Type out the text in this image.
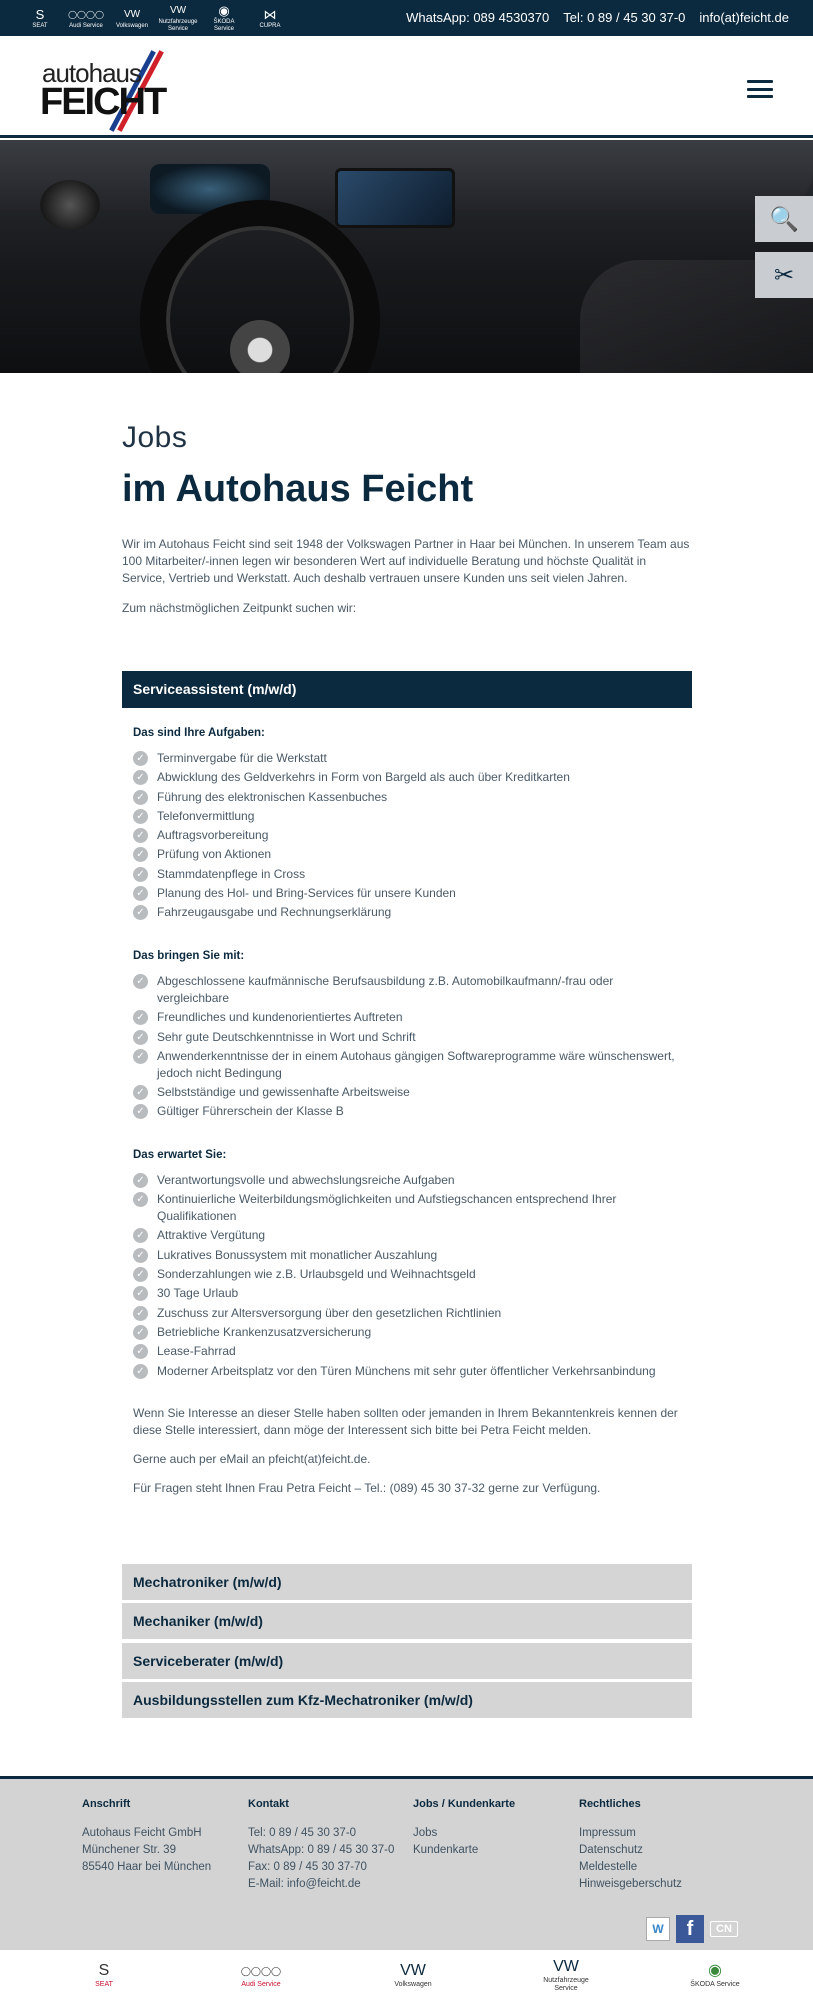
S
SEAT
◯◯◯◯
Audi Service
VW
Volkswagen
VW
Nutzfahrzeuge Service
◉
ŠKODA Service
⋈
CUPRA
WhatsApp: 089 4530370 Tel: 0 89 / 45 30 37-0 info(at)feicht.de
autohaus
FEICHT
🔍
✂
Jobs
im Autohaus Feicht

Wir im Autohaus Feicht sind seit 1948 der Volkswagen Partner in Haar bei München. In unserem Team aus 100 Mitarbeiter/-innen legen wir besonderen Wert auf individuelle Beratung und höchste Qualität in Service, Vertrieb und Werkstatt. Auch deshalb vertrauen unsere Kunden uns seit vielen Jahren.

Zum nächstmöglichen Zeitpunkt suchen wir:

Serviceassistent (m/w/d)
Das sind Ihre Aufgaben:
✓ Terminvergabe für die Werkstatt
✓ Abwicklung des Geldverkehrs in Form von Bargeld als auch über Kreditkarten
✓ Führung des elektronischen Kassenbuches
✓ Telefonvermittlung
✓ Auftragsvorbereitung
✓ Prüfung von Aktionen
✓ Stammdatenpflege in Cross
✓ Planung des Hol- und Bring-Services für unsere Kunden
✓ Fahrzeugausgabe und Rechnungserklärung
Das bringen Sie mit:
✓ Abgeschlossene kaufmännische Berufsausbildung z.B. Automobilkaufmann/-frau oder vergleichbare
✓ Freundliches und kundenorientiertes Auftreten
✓ Sehr gute Deutschkenntnisse in Wort und Schrift
✓ Anwenderkenntnisse der in einem Autohaus gängigen Softwareprogramme wäre wünschenswert, jedoch nicht Bedingung
✓ Selbstständige und gewissenhafte Arbeitsweise
✓ Gültiger Führerschein der Klasse B
Das erwartet Sie:
✓ Verantwortungsvolle und abwechslungsreiche Aufgaben
✓ Kontinuierliche Weiterbildungsmöglichkeiten und Aufstiegschancen entsprechend Ihrer Qualifikationen
✓ Attraktive Vergütung
✓ Lukratives Bonussystem mit monatlicher Auszahlung
✓ Sonderzahlungen wie z.B. Urlaubsgeld und Weihnachtsgeld
✓ 30 Tage Urlaub
✓ Zuschuss zur Altersversorgung über den gesetzlichen Richtlinien
✓ Betriebliche Krankenzusatzversicherung
✓ Lease-Fahrrad
✓ Moderner Arbeitsplatz vor den Türen Münchens mit sehr guter öffentlicher Verkehrsanbindung

Wenn Sie Interesse an dieser Stelle haben sollten oder jemanden in Ihrem Bekanntenkreis kennen der diese Stelle interessiert, dann möge der Interessent sich bitte bei Petra Feicht melden.

Gerne auch per eMail an pfeicht(at)feicht.de.

Für Fragen steht Ihnen Frau Petra Feicht – Tel.: (089) 45 30 37-32 gerne zur Verfügung.

Mechatroniker (m/w/d)
Mechaniker (m/w/d)
Serviceberater (m/w/d)
Ausbildungsstellen zum Kfz-Mechatroniker (m/w/d)
Anschrift
Autohaus Feicht GmbH
Münchener Str. 39
85540 Haar bei München
Kontakt
Tel: 0 89 / 45 30 37-0
WhatsApp: 0 89 / 45 30 37-0
Fax: 0 89 / 45 30 37-70
E-Mail: info@feicht.de
Jobs / Kundenkarte
Jobs
Kundenkarte
Rechtliches
Impressum
Datenschutz
Meldestelle
Hinweisgeberschutz
W	f	CN
S
SEAT
◯◯◯◯
Audi Service
VW
Volkswagen
VW
Nutzfahrzeuge Service
◉
ŠKODA Service
